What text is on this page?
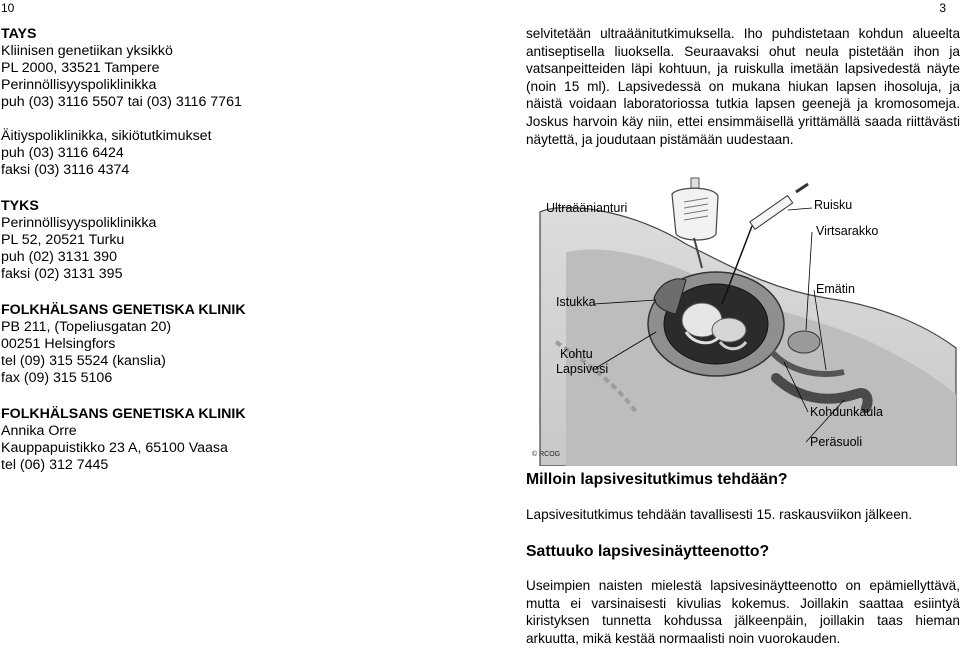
10	3
TAYS
Kliinisen genetiikan yksikkö
PL 2000, 33521 Tampere
Perinnöllisyyspoliklinikka
puh (03) 3116 5507 tai (03) 3116 7761
Äitiyspoliklinikka, sikiötutkimukset
puh (03) 3116 6424
faksi (03) 3116 4374
TYKS
Perinnöllisyyspoliklinikka
PL 52, 20521 Turku
puh (02) 3131 390
faksi (02) 3131 395
FOLKHÄLSANS GENETISKA KLINIK
PB 211, (Topeliusgatan 20)
00251 Helsingfors
tel (09) 315 5524 (kanslia)
fax (09) 315 5106
FOLKHÄLSANS GENETISKA KLINIK
Annika Orre
Kauppapuistikko 23 A, 65100 Vaasa
tel (06) 312 7445

selvitetään ultraäänitutkimuksella. Iho puhdistetaan kohdun alueelta antiseptisella liuoksella. Seuraavaksi ohut neula pistetään ihon ja vatsanpeitteiden läpi kohtuun, ja ruiskulla imetään lapsivedestä näyte (noin 15 ml). Lapsivedessä on mukana hiukan lapsen ihosoluja, ja näistä voidaan laboratoriossa tutkia lapsen geenejä ja kromosomeja. Joskus harvoin käy niin, ettei ensimmäisellä yrittämällä saada riittävästi näytettä, ja joudutaan pistämään uudestaan.

Ultraäänianturi	Ruisku
Virtsarakko
Emätin
Istukka
Kohtu
Lapsivesi
Kohdunkaula
Peräsuoli
© RCOG
Milloin lapsivesitutkimus tehdään?

Lapsivesitutkimus tehdään tavallisesti 15. raskausviikon jälkeen.

Sattuuko lapsivesinäytteenotto?

Useimpien naisten mielestä lapsivesinäytteenotto on epämiellyttävä, mutta ei varsinaisesti kivulias kokemus. Joillakin saattaa esiintyä kiristyksen tunnetta kohdussa jälkeenpäin, joillakin taas hieman arkuutta, mikä kestää normaalisti noin vuorokauden.
